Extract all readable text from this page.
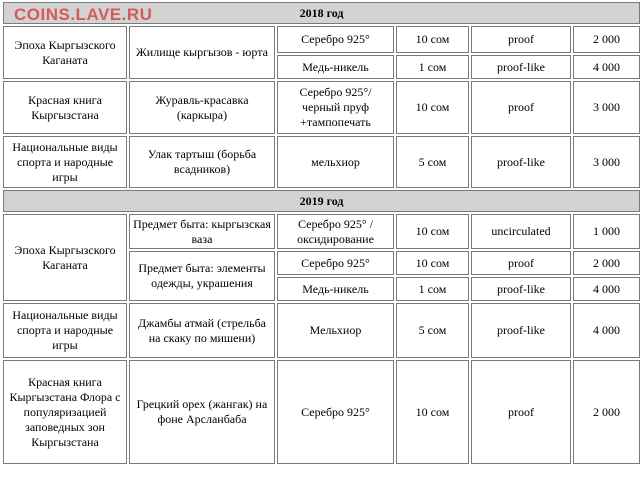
COINS.LAVE.RU	2018 год					
Эпоха Кыргызского Каганата	Жилище кыргызов - юрта	Серебро 925°	10 сом	proof	2 000
		Медь-никель	1 сом	proof-like	4 000
Красная книга Кыргызстана	Журавль-красавка (каркыра)	Серебро 925°/ черный пруф +тампопечать	10 сом	proof	3 000
Национальные виды спорта и народные игры	Улак тартыш (борьба всадников)	мельхиор	5 сом	proof-like	3 000
2019 год					
Эпоха Кыргызского Каганата	Предмет быта: кыргызская ваза	Серебро 925° /оксидирование	10 сом	uncirculated	1 000
	Предмет быта: элементы одежды, украшения	Серебро 925°	10 сом	proof	2 000
		Медь-никель	1 сом	proof-like	4 000
Национальные виды спорта и народные игры	Джамбы атмай (стрельба на скаку по мишени)	Мельхиор	5 сом	proof-like	4 000
Красная книга Кыргызстана Флора с популяризацией заповедных зон Кыргызстана	Грецкий орех (жангак) на фоне Арсланбаба	Серебро 925°	10 сом	proof	2 000
